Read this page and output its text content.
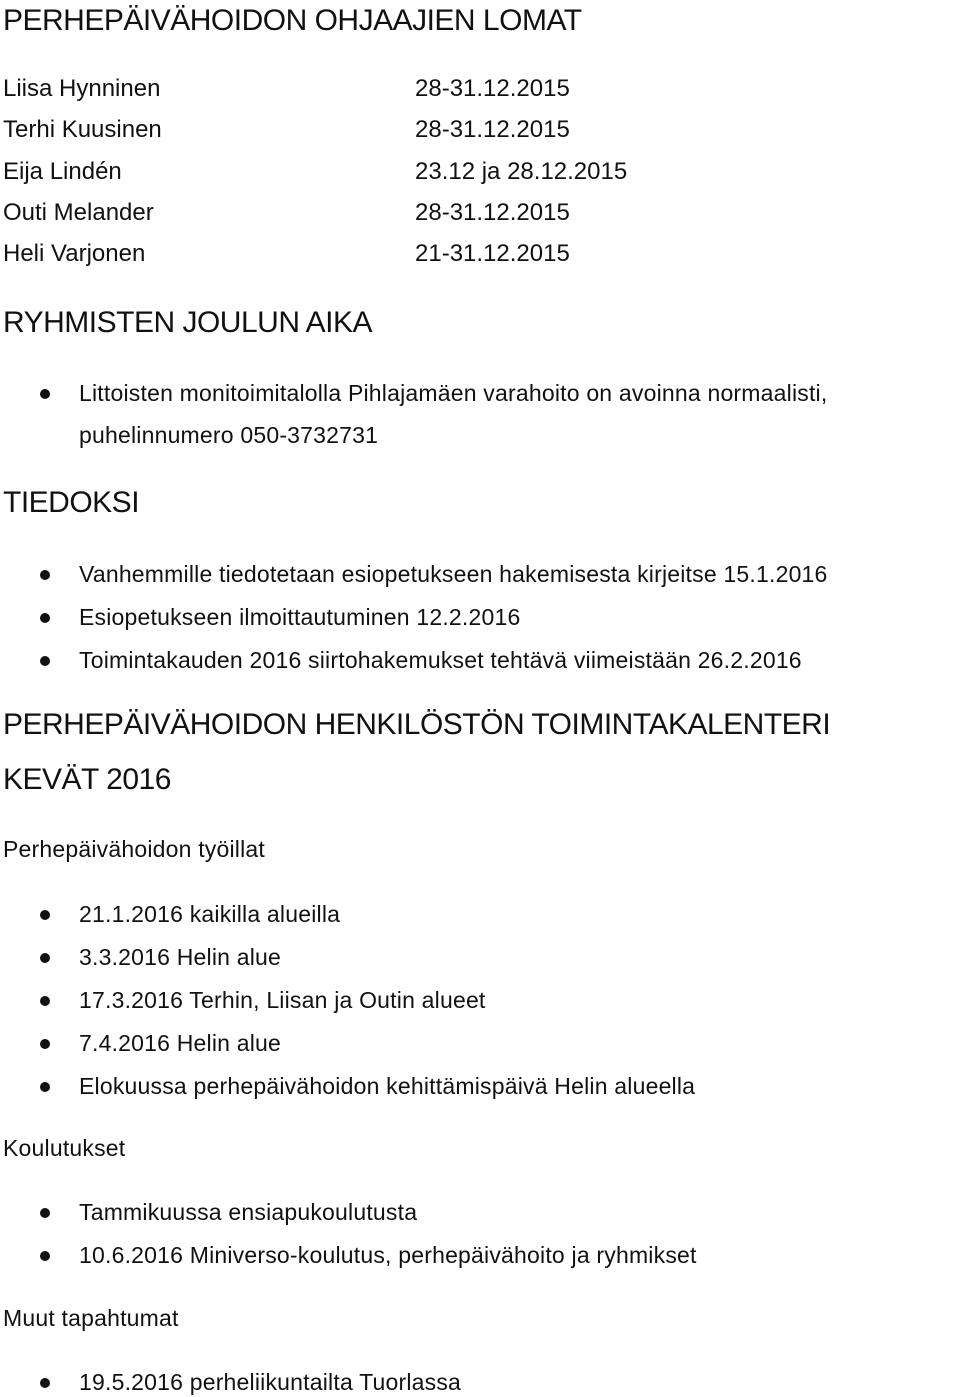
PERHEPÄIVÄHOIDON OHJAAJIEN LOMAT
Liisa Hynninen	28-31.12.2015
Terhi Kuusinen	28-31.12.2015
Eija Lindén	23.12 ja 28.12.2015
Outi Melander	28-31.12.2015
Heli Varjonen	21-31.12.2015
RYHMISTEN JOULUN AIKA
Littoisten monitoimitalolla Pihlajamäen varahoito on avoinna normaalisti,
puhelinnumero 050-3732731
TIEDOKSI
Vanhemmille tiedotetaan esiopetukseen hakemisesta kirjeitse 15.1.2016
Esiopetukseen ilmoittautuminen 12.2.2016
Toimintakauden 2016 siirtohakemukset tehtävä viimeistään 26.2.2016
PERHEPÄIVÄHOIDON HENKILÖSTÖN TOIMINTAKALENTERI
KEVÄT 2016
Perhepäivähoidon työillat
21.1.2016 kaikilla alueilla
3.3.2016 Helin alue
17.3.2016 Terhin, Liisan ja Outin alueet
7.4.2016 Helin alue
Elokuussa perhepäivähoidon kehittämispäivä Helin alueella
Koulutukset
Tammikuussa ensiapukoulutusta
10.6.2016 Miniverso-koulutus, perhepäivähoito ja ryhmikset
Muut tapahtumat
19.5.2016 perheliikuntailta Tuorlassa
